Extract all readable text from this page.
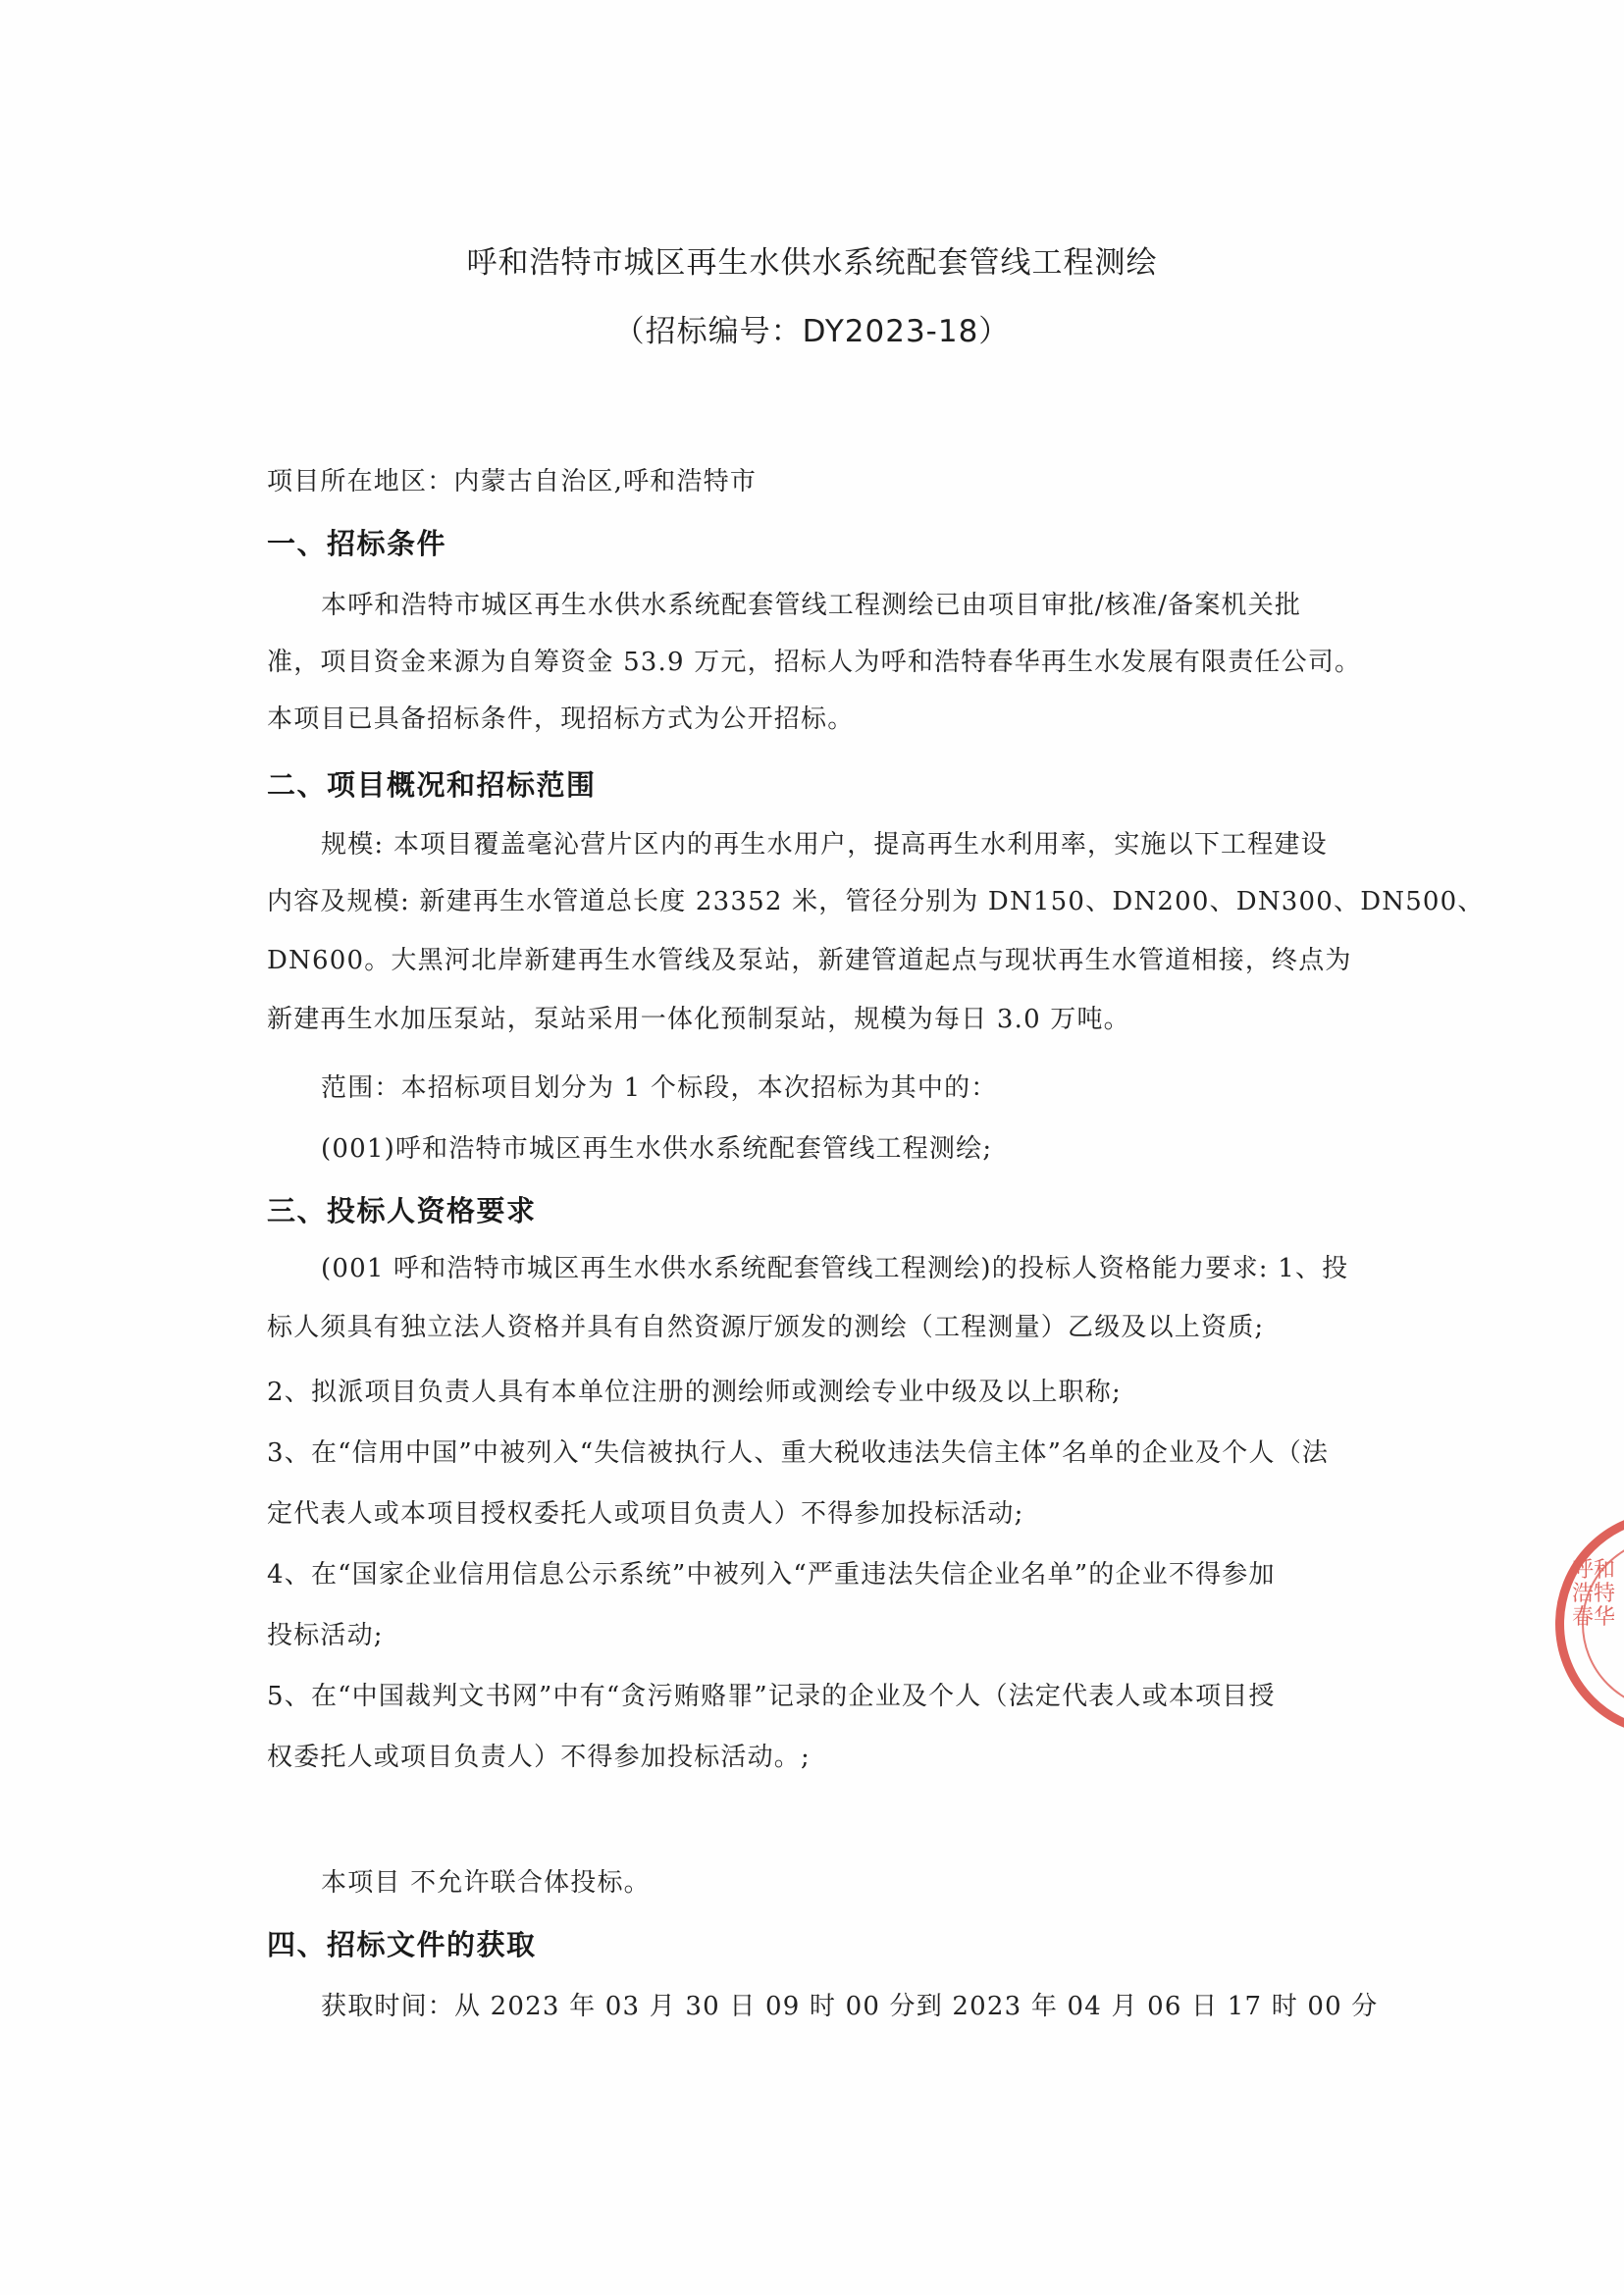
呼和浩特市城区再生水供水系统配套管线工程测绘
（招标编号：DY2023-18）
项目所在地区：内蒙古自治区,呼和浩特市
一、招标条件
本呼和浩特市城区再生水供水系统配套管线工程测绘已由项目审批/核准/备案机关批
准，项目资金来源为自筹资金 53.9 万元，招标人为呼和浩特春华再生水发展有限责任公司。
本项目已具备招标条件，现招标方式为公开招标。
二、项目概况和招标范围
规模: 本项目覆盖毫沁营片区内的再生水用户，提高再生水利用率，实施以下工程建设
内容及规模: 新建再生水管道总长度 23352 米，管径分别为 DN150、DN200、DN300、DN500、
DN600。大黑河北岸新建再生水管线及泵站，新建管道起点与现状再生水管道相接，终点为
新建再生水加压泵站，泵站采用一体化预制泵站，规模为每日 3.0 万吨。
范围：本招标项目划分为 1 个标段，本次招标为其中的：
(001)呼和浩特市城区再生水供水系统配套管线工程测绘;
三、投标人资格要求
(001 呼和浩特市城区再生水供水系统配套管线工程测绘)的投标人资格能力要求: 1、投
标人须具有独立法人资格并具有自然资源厅颁发的测绘（工程测量）乙级及以上资质;
2、拟派项目负责人具有本单位注册的测绘师或测绘专业中级及以上职称;
3、在“信用中国”中被列入“失信被执行人、重大税收违法失信主体”名单的企业及个人（法
定代表人或本项目授权委托人或项目负责人）不得参加投标活动;
4、在“国家企业信用信息公示系统”中被列入“严重违法失信企业名单”的企业不得参加
投标活动;
5、在“中国裁判文书网”中有“贪污贿赂罪”记录的企业及个人（法定代表人或本项目授
权委托人或项目负责人）不得参加投标活动。;
本项目 不允许联合体投标。
四、招标文件的获取
获取时间：从 2023 年 03 月 30 日 09 时 00 分到 2023 年 04 月 06 日 17 时 00 分
呼和浩特春华
